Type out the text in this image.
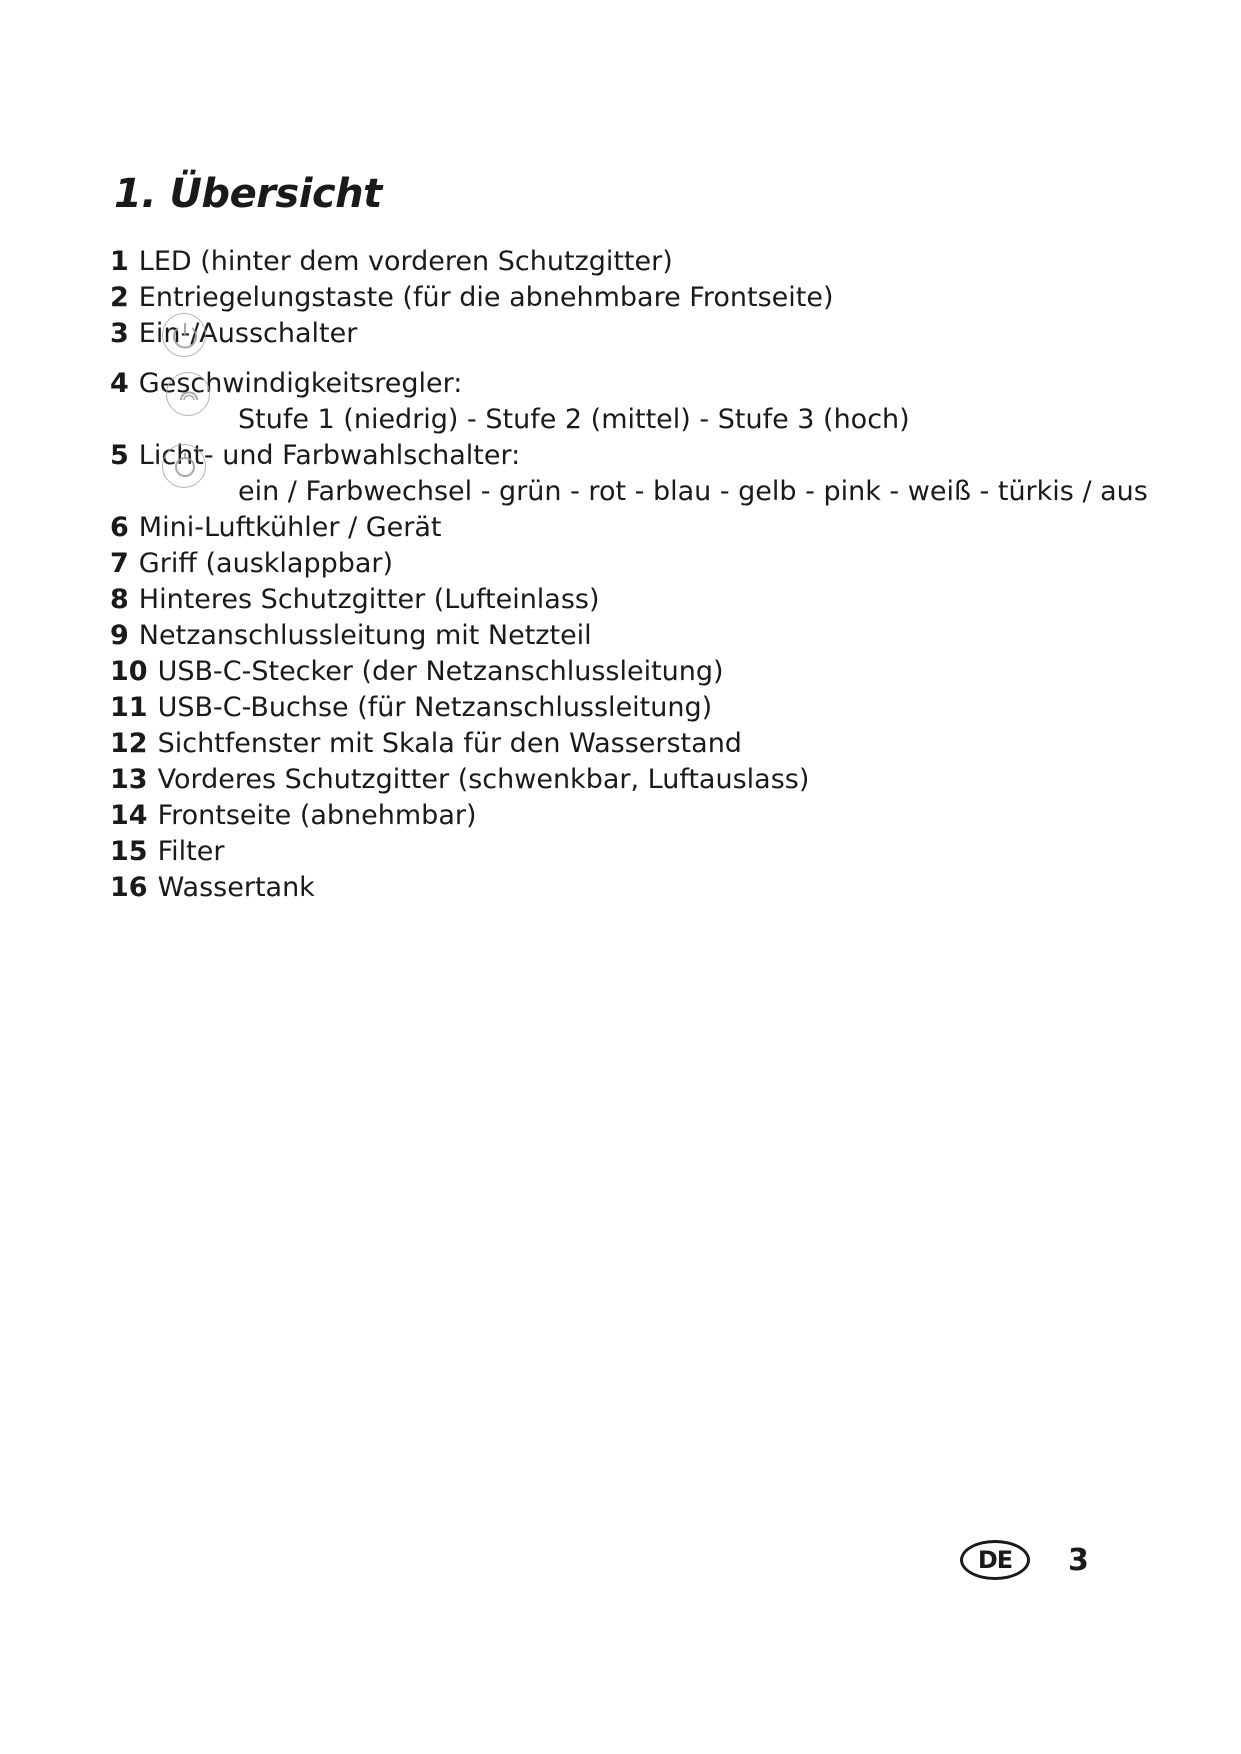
1. Übersicht
1 LED (hinter dem vorderen Schutzgitter)
2 Entriegelungstaste (für die abnehmbare Frontseite)
3 Ein-/Ausschalter
4 Geschwindigkeitsregler:
Stufe 1 (niedrig) - Stufe 2 (mittel) - Stufe 3 (hoch)
5 Licht- und Farbwahlschalter:
ein / Farbwechsel - grün - rot - blau - gelb - pink - weiß - türkis / aus
6 Mini-Luftkühler / Gerät
7 Griff (ausklappbar)
8 Hinteres Schutzgitter (Lufteinlass)
9 Netzanschlussleitung mit Netzteil
10 USB-C-Stecker (der Netzanschlussleitung)
11 USB-C-Buchse (für Netzanschlussleitung)
12 Sichtfenster mit Skala für den Wasserstand
13 Vorderes Schutzgitter (schwenkbar, Luftauslass)
14 Frontseite (abnehmbar)
15 Filter
16 Wassertank
DE	3
